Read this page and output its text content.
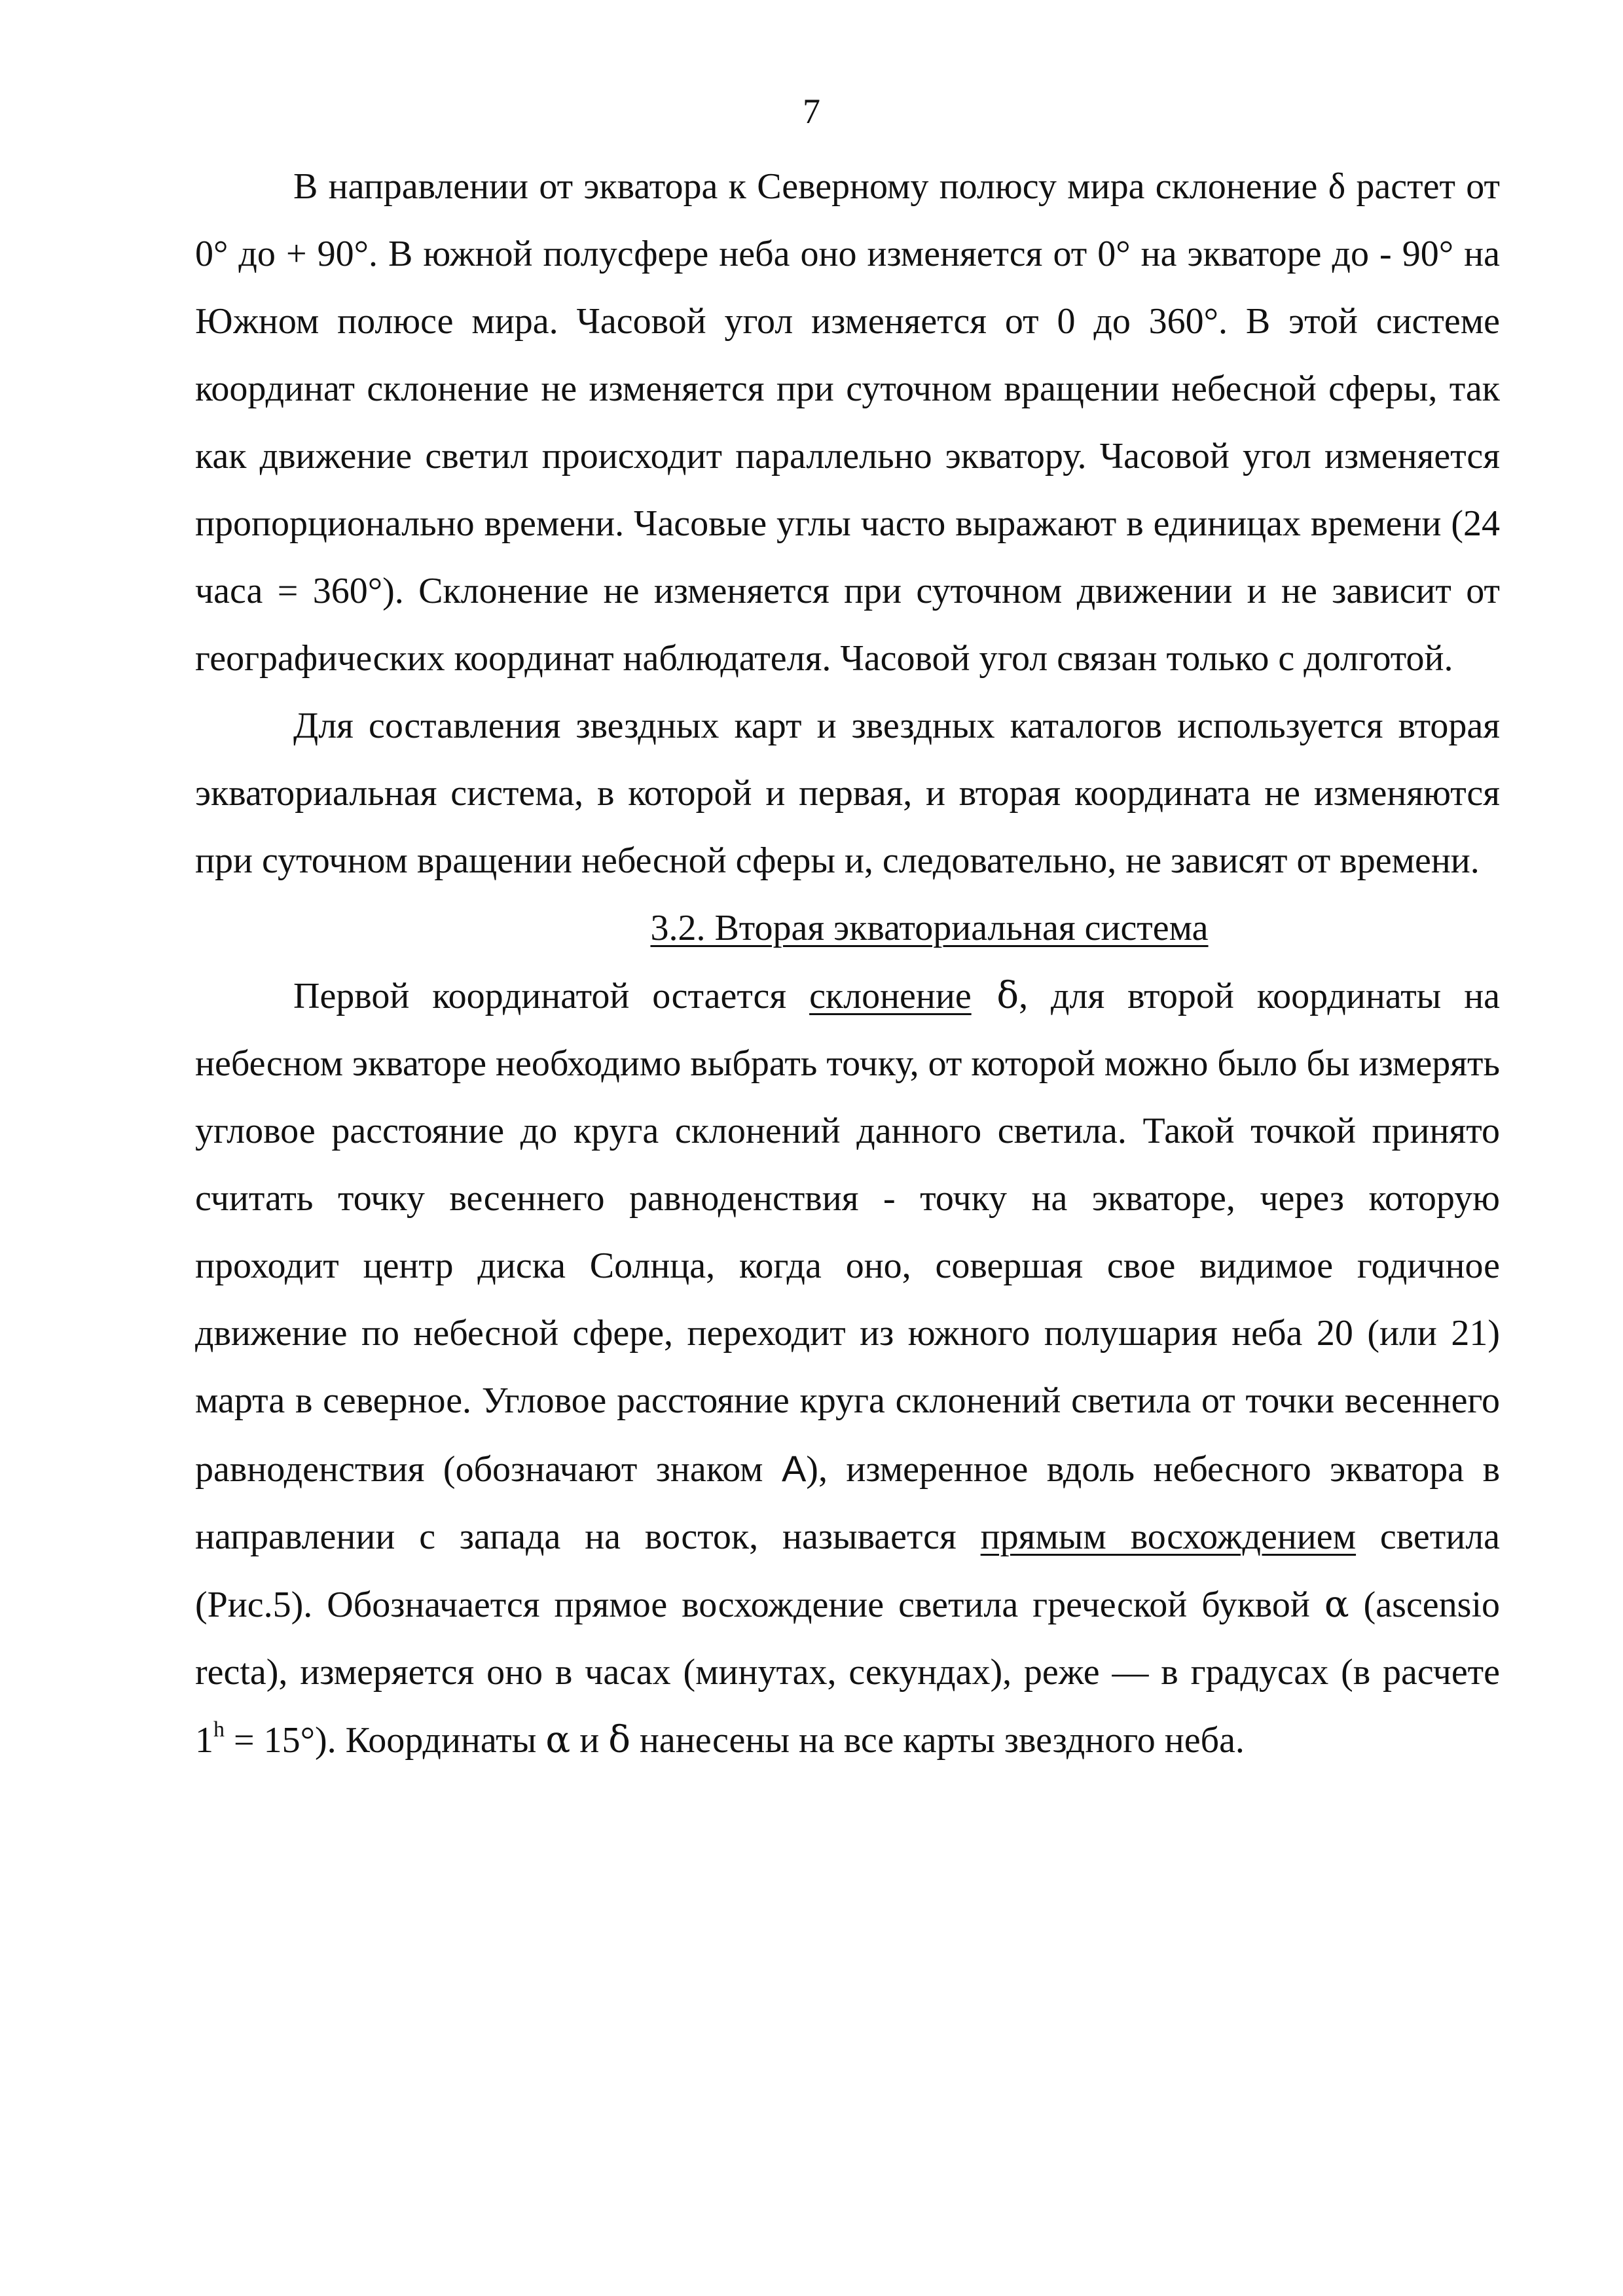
7

В направлении от экватора к Северному полюсу мира склонение δ растет от 0° до + 90°. В южной полусфере неба оно изменяется от 0° на экваторе до - 90° на Южном полюсе мира. Часовой угол изменяется от 0 до 360°. В этой системе координат склонение не изменяется при суточном вращении небесной сферы, так как движение светил происходит параллельно экватору. Часовой угол изменяется пропорционально времени. Часовые углы часто выражают в единицах времени (24 часа = 360°). Склонение не изменяется при суточном движении и не зависит от географических координат наблюдателя. Часовой угол связан только с долготой.

Для составления звездных карт и звездных каталогов используется вторая экваториальная система, в которой и первая, и вторая координата не изменяются при суточном вращении небесной сферы и, следовательно, не зависят от времени.

3.2. Вторая экваториальная система

Первой координатой остается склонение δ, для второй координаты на небесном экваторе необходимо выбрать точку, от которой можно было бы измерять угловое расстояние до круга склонений данного светила. Такой точкой принято считать точку весеннего равноденствия - точку на экваторе, через которую проходит центр диска Солнца, когда оно, совершая свое видимое годичное движение по небесной сфере, переходит из южного полушария неба 20 (или 21) марта в северное. Угловое расстояние круга склонений светила от точки весеннего равноденствия (обозначают знаком A), измеренное вдоль небесного экватора в направлении с запада на восток, называется прямым восхождением светила (Рис.5). Обозначается прямое восхождение светила греческой буквой α (ascensio recta), измеряется оно в часах (минутах, секундах), реже — в градусах (в расчете $1^h = 15^\circ$). Координаты α и δ нанесены на все карты звездного неба.
